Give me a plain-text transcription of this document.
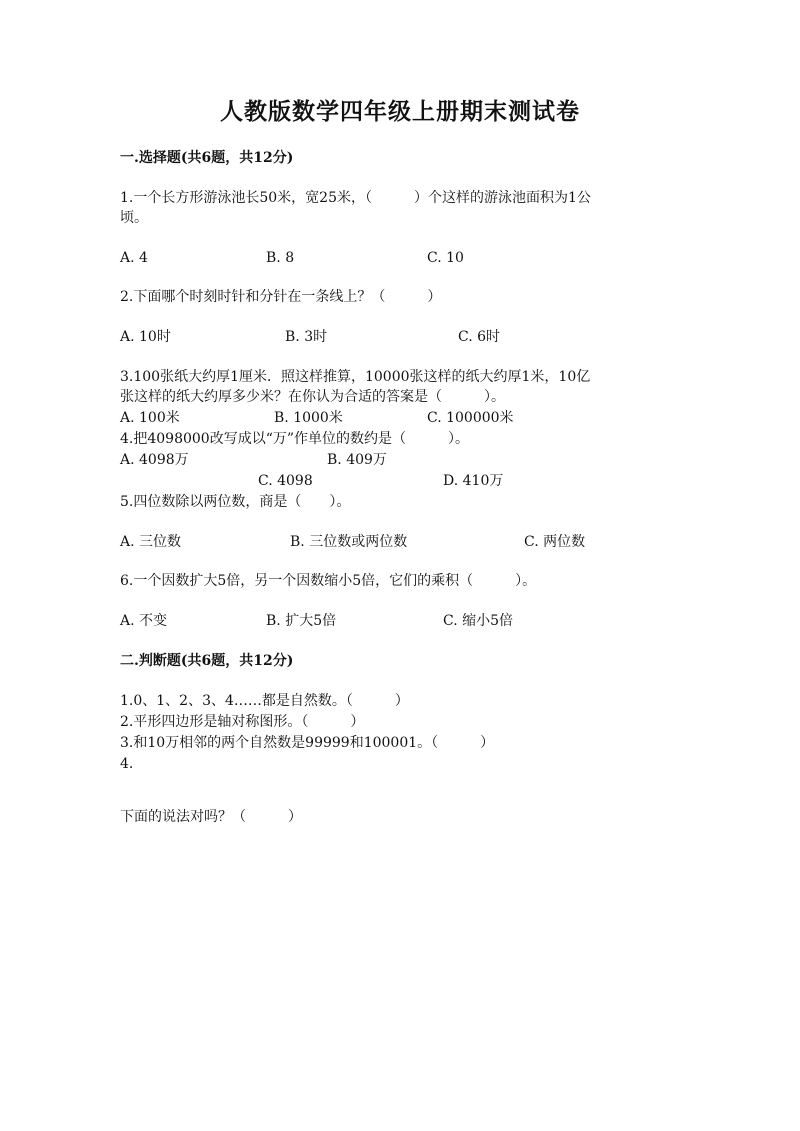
人教版数学四年级上册期末测试卷
一.选择题(共6题，共12分)
1.一个长方形游泳池长50米，宽25米，（　　　）个这样的游泳池面积为1公
顷。
A. 4	B. 8	C. 10
2.下面哪个时刻时针和分针在一条线上？（　　　）
A. 10时	B. 3时	C. 6时
3.100张纸大约厚1厘米．照这样推算，10000张这样的纸大约厚1米，10亿
张这样的纸大约厚多少米？在你认为合适的答案是（　　　）。
A. 100米	B. 1000米	C. 100000米
4.把4098000改写成以“万”作单位的数约是（　　　）。
A. 4098万	B. 409万
C. 4098	D. 410万
5.四位数除以两位数，商是（　　）。
A. 三位数	B. 三位数或两位数	C. 两位数
6.一个因数扩大5倍，另一个因数缩小5倍，它们的乘积（　　　）。
A. 不变	B. 扩大5倍	C. 缩小5倍
二.判断题(共6题，共12分)
1.0、1、2、3、4……都是自然数。（　　　）
2.平形四边形是轴对称图形。（　　　）
3.和10万相邻的两个自然数是99999和100001。（　　　）
4.
下面的说法对吗？（　　　）
